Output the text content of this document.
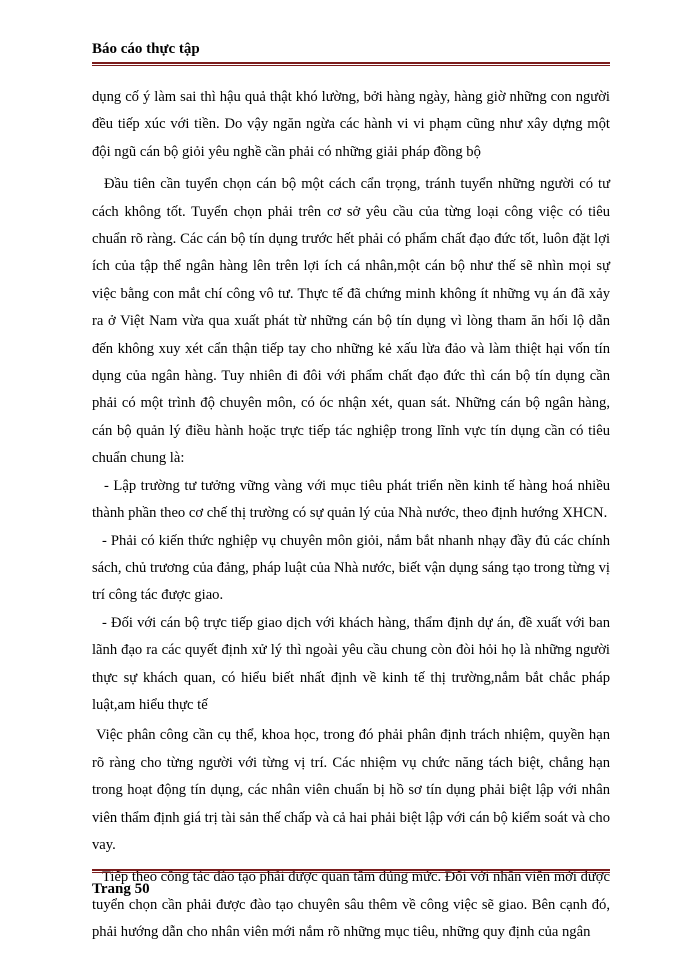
Báo cáo thực tập

dụng cố ý làm sai thì hậu quả thật khó lường, bởi hàng ngày, hàng giờ những con người đều tiếp xúc với tiền. Do vậy ngăn ngừa các hành vi vi phạm cũng như xây dựng một đội ngũ cán bộ giỏi yêu nghề cần phải có những giải pháp đồng bộ

Đầu tiên cần tuyển chọn cán bộ một cách cẩn trọng, tránh tuyển những người có tư cách không tốt. Tuyển chọn phải trên cơ sở yêu cầu của từng loại công việc có tiêu chuẩn rõ ràng. Các cán bộ tín dụng trước hết phải có phẩm chất đạo đức tốt, luôn đặt lợi ích của tập thể ngân hàng lên trên lợi ích cá nhân,một cán bộ như thế sẽ nhìn mọi sự việc bằng con mắt chí công vô tư. Thực tế đã chứng minh không ít những vụ án đã xảy ra ở Việt Nam vừa qua xuất phát từ những cán bộ tín dụng vì lòng tham ăn hối lộ dẫn đến không xuy xét cẩn thận tiếp tay cho những kẻ xấu lừa đảo và làm thiệt hại vốn tín dụng của ngân hàng. Tuy nhiên đi đôi với phẩm chất đạo đức thì cán bộ tín dụng cần phải có một trình độ chuyên môn, có óc nhận xét, quan sát. Những cán bộ ngân hàng, cán bộ quản lý điều hành hoặc trực tiếp tác nghiệp trong lĩnh vực tín dụng cần có tiêu chuẩn chung là:

- Lập trường tư tưởng vững vàng với mục tiêu phát triển nền kinh tế hàng hoá nhiều thành phần theo cơ chế thị trường có sự quản lý của Nhà nước, theo định hướng XHCN.

- Phải có kiến thức nghiệp vụ chuyên môn giỏi, nắm bắt nhanh nhạy đầy đủ các chính sách, chủ trương của đảng, pháp luật của Nhà nước, biết vận dụng sáng tạo trong từng vị trí công tác được giao.

- Đối với cán bộ trực tiếp giao dịch với khách hàng, thẩm định dự án, đề xuất với ban lãnh đạo ra các quyết định xử lý thì ngoài yêu cầu chung còn đòi hỏi họ là những người thực sự khách quan, có hiểu biết nhất định về kinh tế thị trường,nắm bắt chắc pháp luật,am hiểu thực tế

Việc phân công cần cụ thể, khoa học, trong đó phải phân định trách nhiệm, quyền hạn rõ ràng cho từng người với từng vị trí. Các nhiệm vụ chức năng tách biệt, chẳng hạn trong hoạt động tín dụng, các nhân viên chuẩn bị hồ sơ tín dụng phải biệt lập với nhân viên thẩm định giá trị tài sản thế chấp và cả hai phải biệt lập với cán bộ kiểm soát và cho vay.

Tiếp theo công tác đào tạo phải được quan tâm đúng mức. Đối với nhân viên mới được tuyển chọn cần phải được đào tạo chuyên sâu thêm về công việc sẽ giao. Bên cạnh đó, phải hướng dẫn cho nhân viên mới nắm rõ những mục tiêu, những quy định của ngân

Trang 50
